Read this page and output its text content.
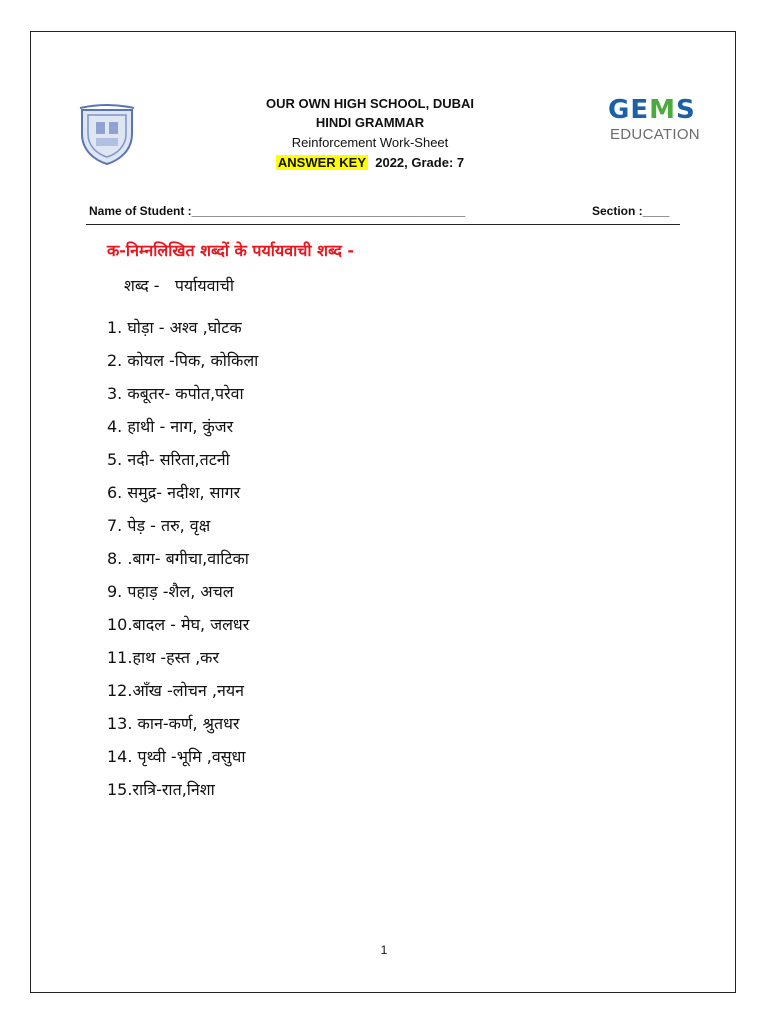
GEMS
EDUCATION
OUR OWN HIGH SCHOOL, DUBAI
HINDI GRAMMAR
Reinforcement Work-Sheet
ANSWER KEY 2022, Grade: 7
Name of Student :_________________________________________	Section :____
क-निम्नलिखित शब्दों के पर्यायवाची शब्द -
शब्द -   पर्यायवाची
1. घोड़ा - अश्व ,घोटक
2. कोयल -पिक, कोकिला
3. कबूतर- कपोत,परेवा
4. हाथी - नाग, कुंजर
5. नदी- सरिता,तटनी
6. समुद्र- नदीश, सागर
7. पेड़ - तरु, वृक्ष
8. .बाग- बगीचा,वाटिका
9. पहाड़ -शैल, अचल
10.बादल - मेघ, जलधर
11.हाथ -हस्त ,कर
12.आँख -लोचन ,नयन
13. कान-कर्ण, श्रुतधर
14. पृथ्वी -भूमि ,वसुधा
15.रात्रि-रात,निशा
1
